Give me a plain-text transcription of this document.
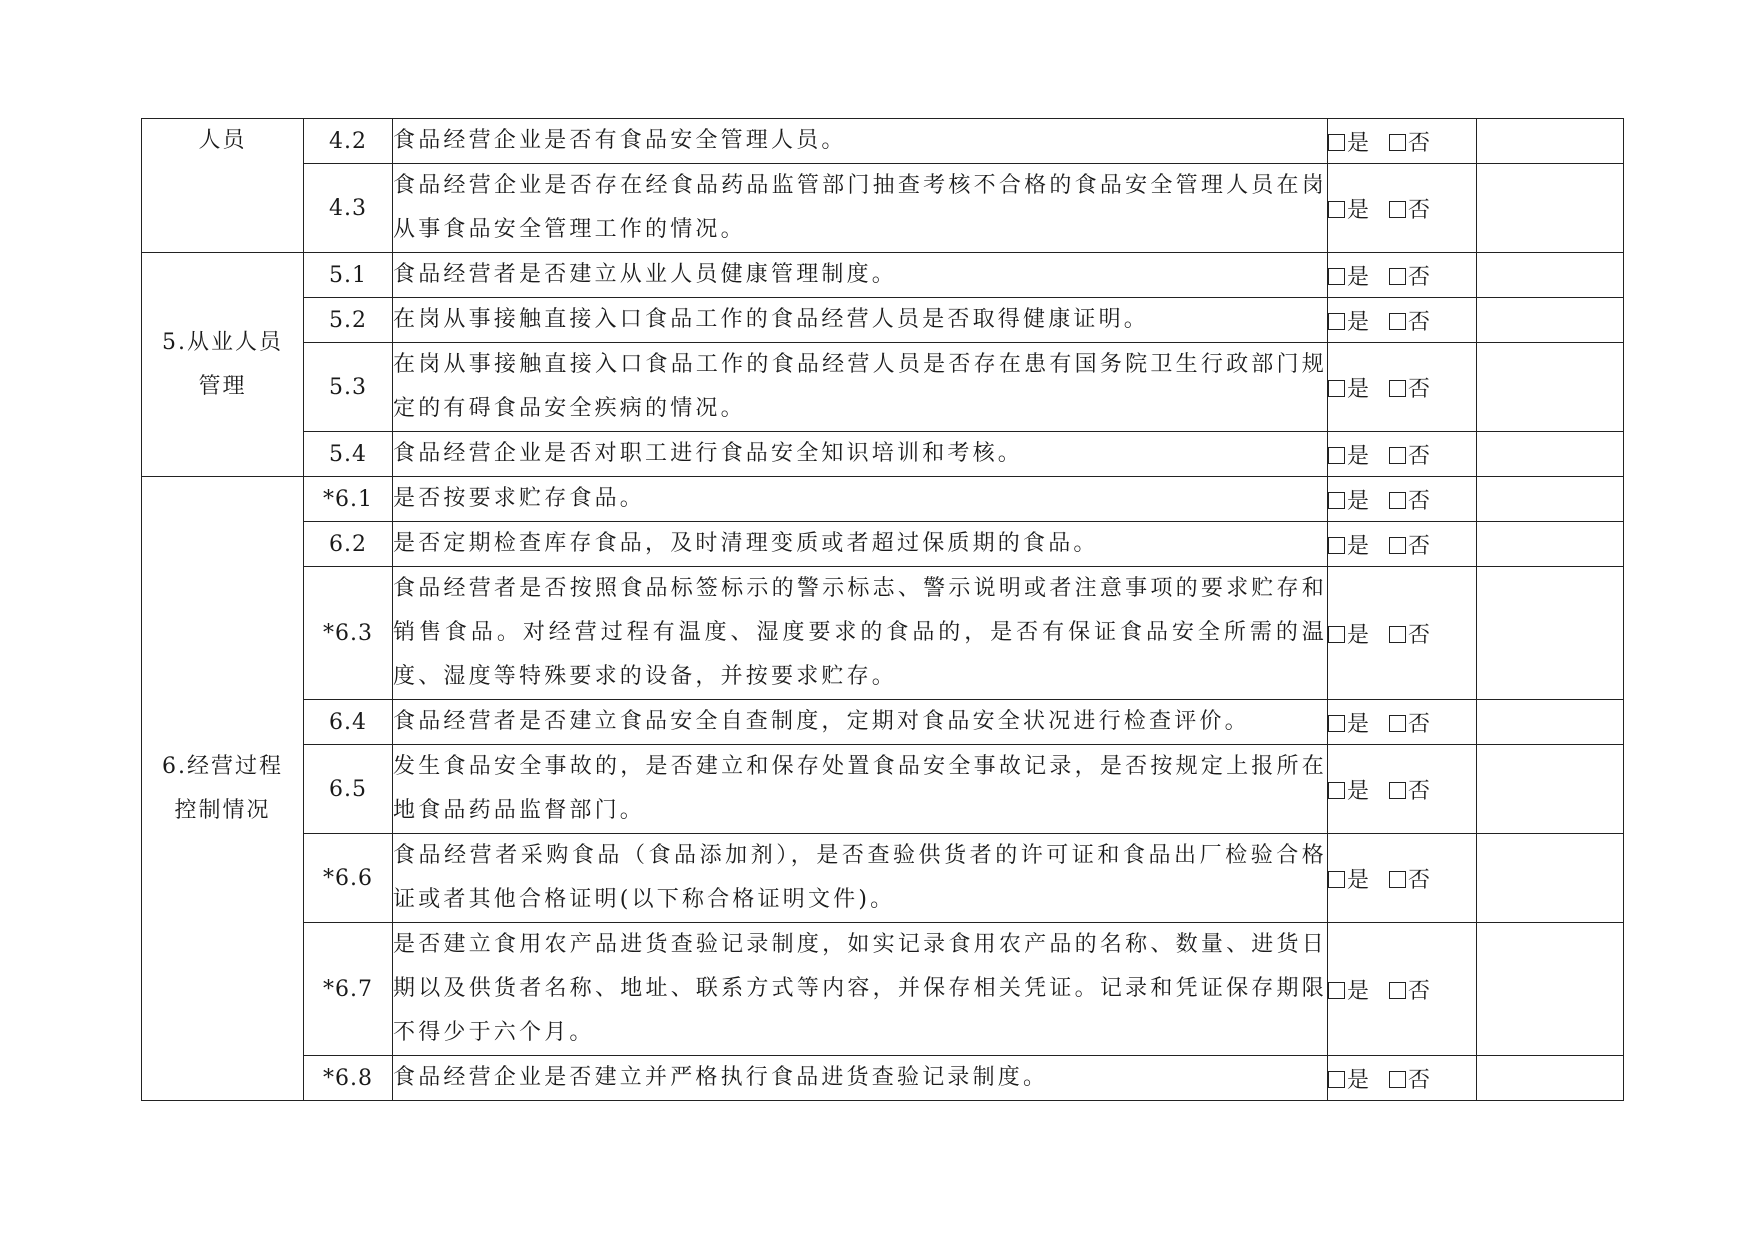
人员	4.2	食品经营企业是否有食品安全管理人员。	是 否	
	4.3	食品经营企业是否存在经食品药品监管部门抽查考核不合格的食品安全管理人员在岗从事食品安全管理工作的情况。	是 否	
5.从业人员管理	5.1	食品经营者是否建立从业人员健康管理制度。	是 否	
	5.2	在岗从事接触直接入口食品工作的食品经营人员是否取得健康证明。	是 否	
	5.3	在岗从事接触直接入口食品工作的食品经营人员是否存在患有国务院卫生行政部门规定的有碍食品安全疾病的情况。	是 否	
	5.4	食品经营企业是否对职工进行食品安全知识培训和考核。	是 否	
6.经营过程控制情况	*6.1	是否按要求贮存食品。	是 否	
	6.2	是否定期检查库存食品，及时清理变质或者超过保质期的食品。	是 否	
	*6.3	食品经营者是否按照食品标签标示的警示标志、警示说明或者注意事项的要求贮存和销售食品。对经营过程有温度、湿度要求的食品的，是否有保证食品安全所需的温度、湿度等特殊要求的设备，并按要求贮存。	是 否	
	6.4	食品经营者是否建立食品安全自查制度，定期对食品安全状况进行检查评价。	是 否	
	6.5	发生食品安全事故的，是否建立和保存处置食品安全事故记录，是否按规定上报所在地食品药品监督部门。	是 否	
	*6.6	食品经营者采购食品（食品添加剂），是否查验供货者的许可证和食品出厂检验合格证或者其他合格证明(以下称合格证明文件)。	是 否	
	*6.7	是否建立食用农产品进货查验记录制度，如实记录食用农产品的名称、数量、进货日期以及供货者名称、地址、联系方式等内容，并保存相关凭证。记录和凭证保存期限不得少于六个月。	是 否	
	*6.8	食品经营企业是否建立并严格执行食品进货查验记录制度。	是 否	
